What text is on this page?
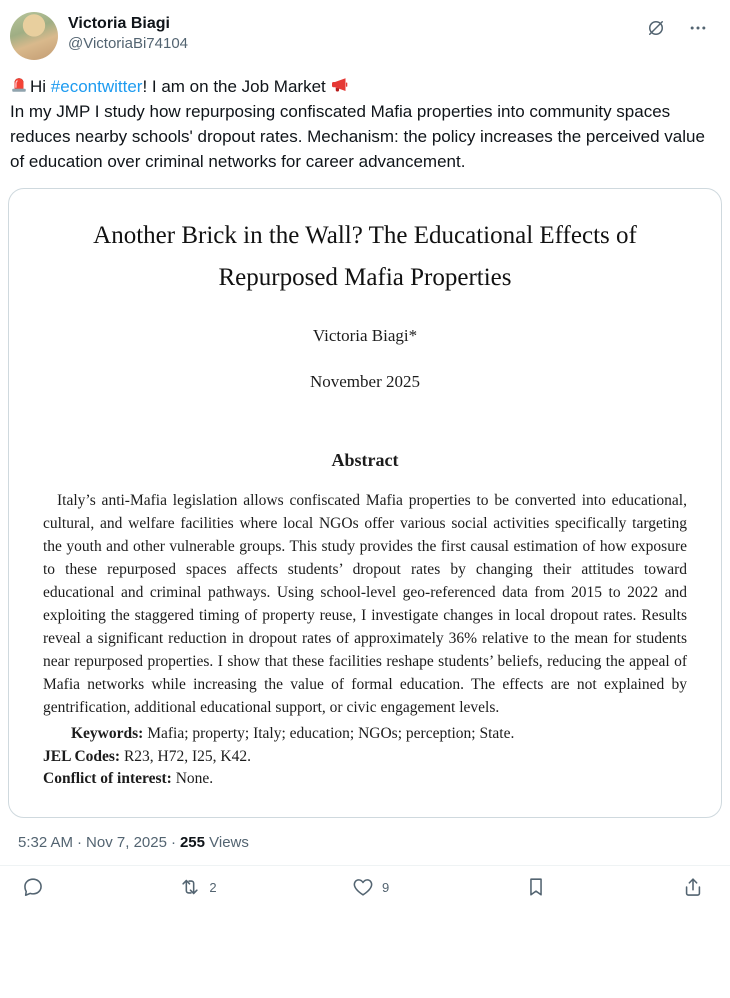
Victoria Biagi
@VictoriaBi74104
Hi #econtwitter! I am on the Job Market

In my JMP I study how repurposing confiscated Mafia properties into community spaces reduces nearby schools' dropout rates. Mechanism: the policy increases the perceived value of education over criminal networks for career advancement.
Another Brick in the Wall? The Educational Effects of Repurposed Mafia Properties
Victoria Biagi*
November 2025
Abstract
Italy’s anti-Mafia legislation allows confiscated Mafia properties to be converted into educational, cultural, and welfare facilities where local NGOs offer various social activities specifically targeting the youth and other vulnerable groups. This study provides the first causal estimation of how exposure to these repurposed spaces affects students’ dropout rates by changing their attitudes toward educational and criminal pathways. Using school-level geo-referenced data from 2015 to 2022 and exploiting the staggered timing of property reuse, I investigate changes in local dropout rates. Results reveal a significant reduction in dropout rates of approximately 36% relative to the mean for students near repurposed properties. I show that these facilities reshape students’ beliefs, reducing the appeal of Mafia networks while increasing the value of formal education. The effects are not explained by gentrification, additional educational support, or civic engagement levels.
Keywords: Mafia; property; Italy; education; NGOs; perception; State.
JEL Codes: R23, H72, I25, K42.
Conflict of interest: None.
5:32 AM · Nov 7, 2025 · 255 Views
2	9
